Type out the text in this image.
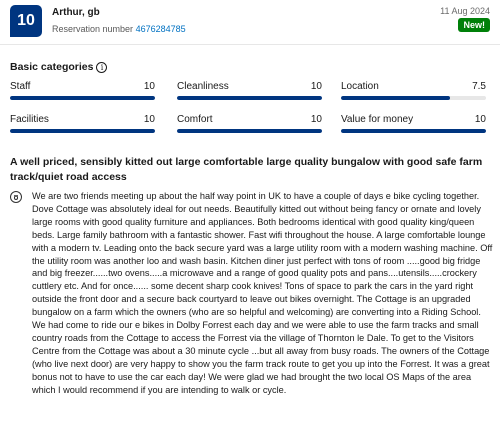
10	Arthur, gb
Reservation number 4676284785
11 Aug 2024
New!
Basic categories i
Staff	10 Cleanliness	10 Location	7.5
Facilities	10 Comfort	10 Value for money	10
A well priced, sensibly kitted out large comfortable large quality bungalow with good safe farm track/quiet road access
We are two friends meeting up about the half way point in UK to have a couple of days e bike cycling together. Dove Cottage was absolutely ideal for out needs. Beautifully kitted out without being fancy or ornate and lovely large rooms with good quality furniture and appliances. Both bedrooms identical with good quality king/queen beds. Large family bathroom with a fantastic shower. Fast wifi throughout the house. A large comfortable lounge with a modern tv. Leading onto the back secure yard was a large utility room with a modern washing machine. Off the utility room was another loo and wash basin. Kitchen diner just perfect with tons of room .....good big fridge and big freezer......two ovens.....a microwave and a range of good quality pots and pans....utensils.....crockery cuttlery etc. And for once...... some decent sharp cook knives! Tons of space to park the cars in the yard right outside the front door and a secure back courtyard to leave out bikes overnight. The Cottage is an upgraded bungalow on a farm which the owners (who are so helpful and welcoming) are converting into a Riding School. We had come to ride our e bikes in Dolby Forrest each day and we were able to use the farm tracks and small country roads from the Cottage to access the Forrest via the village of Thornton le Dale. To get to the Visitors Centre from the Cottage was about a 30 minute cycle ...but all away from busy roads. The owners of the Cottage (who live next door) are very happy to show you the farm track route to get you up into the Forrest. It was a great bonus not to have to use the car each day! We were glad we had brought the two local OS Maps of the area which I would recommend if you are intending to walk or cycle.
